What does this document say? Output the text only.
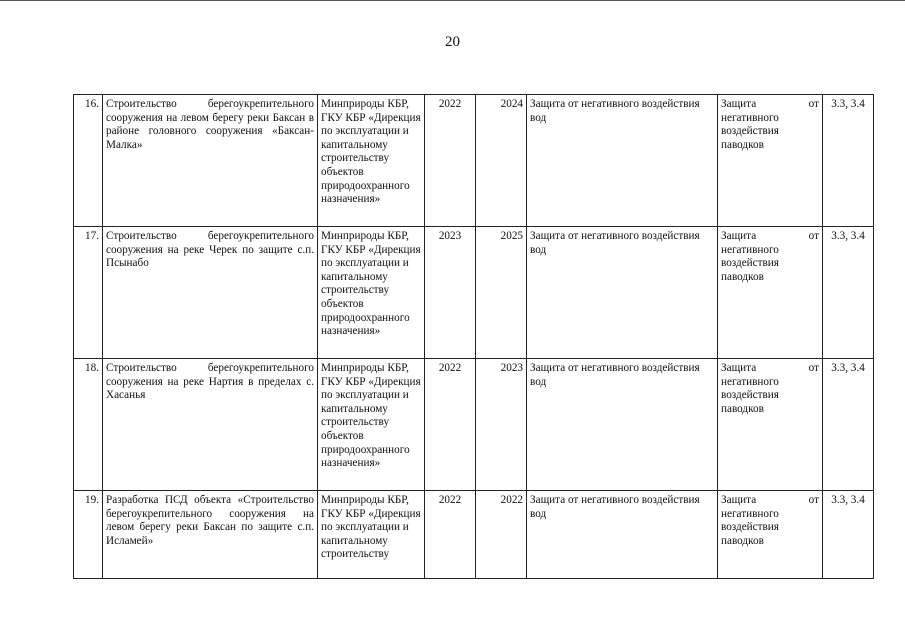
20
16.	Строительство берегоукрепительного сооружения на левом берегу реки Баксан в районе головного сооружения «Баксан-Малка»	Минприроды КБР, ГКУ КБР «Дирекция по эксплуатации и капитальному строительству объектов природоохранного назначения»	2022	2024	Защита от негативного воздействия вод	Защита от негативного воздействия паводков	3.3, 3.4
17.	Строительство берегоукрепительного сооружения на реке Черек по защите с.п. Псынабо	Минприроды КБР, ГКУ КБР «Дирекция по эксплуатации и капитальному строительству объектов природоохранного назначения»	2023	2025	Защита от негативного воздействия вод	Защита от негативного воздействия паводков	3.3, 3.4
18.	Строительство берегоукрепительного сооружения на реке Нартия в пределах с. Хасанья	Минприроды КБР, ГКУ КБР «Дирекция по эксплуатации и капитальному строительству объектов природоохранного назначения»	2022	2023	Защита от негативного воздействия вод	Защита от негативного воздействия паводков	3.3, 3.4
19.	Разработка ПСД объекта «Строительство берегоукрепительного сооружения на левом берегу реки Баксан по защите с.п. Исламей»	Минприроды КБР, ГКУ КБР «Дирекция по эксплуатации и капитальному строительству	2022	2022	Защита от негативного воздействия вод	Защита от негативного воздействия паводков	3.3, 3.4
